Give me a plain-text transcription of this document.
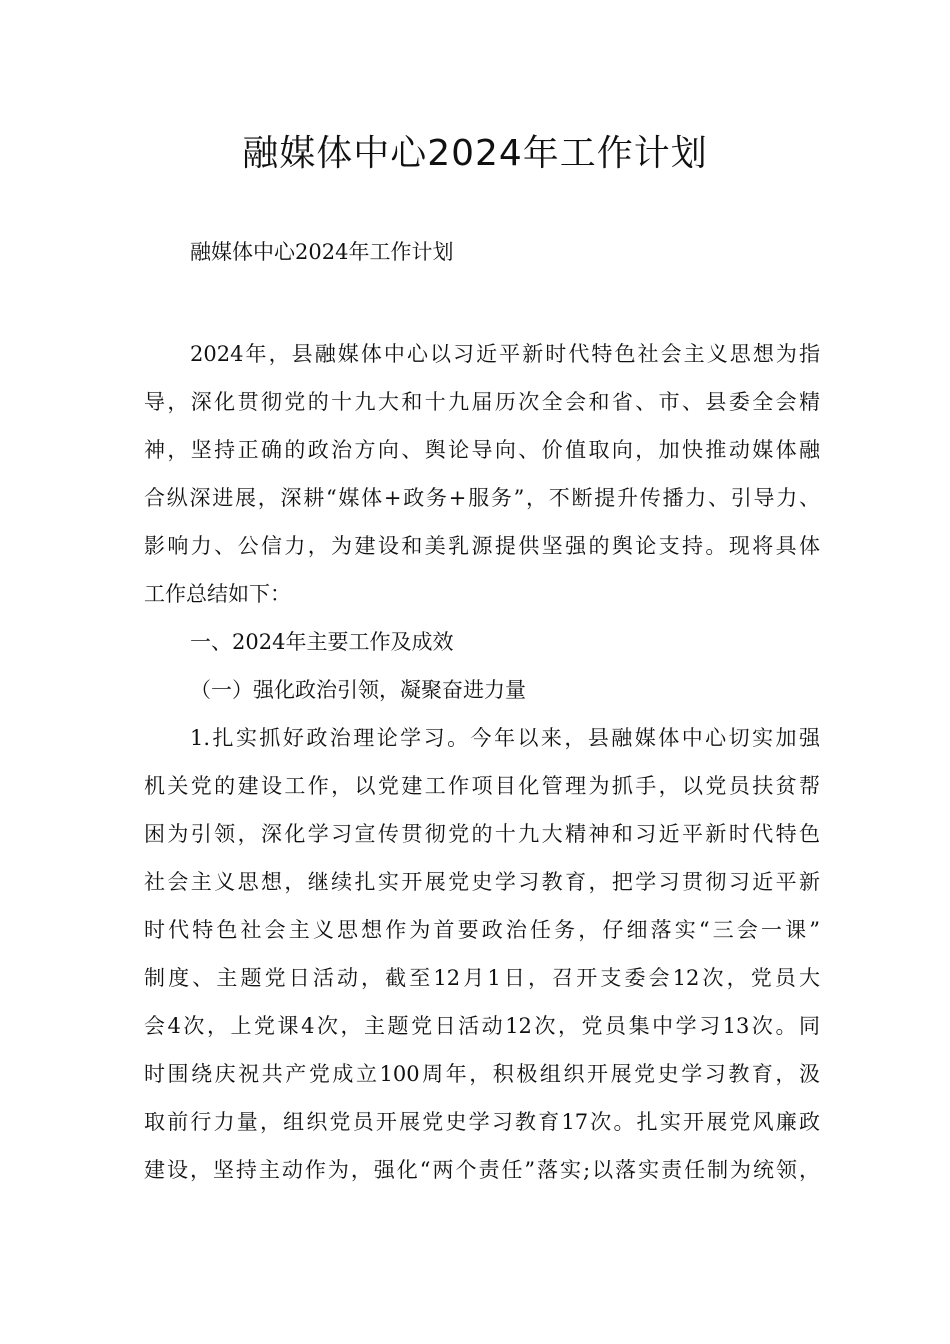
融媒体中心2024年工作计划

融媒体中心2024年工作计划

2024年，县融媒体中心以习近平新时代特色社会主义思想为指
导，深化贯彻党的十九大和十九届历次全会和省、市、县委全会精
神，坚持正确的政治方向、舆论导向、价值取向，加快推动媒体融
合纵深进展，深耕“媒体+政务+服务”，不断提升传播力、引导力、
影响力、公信力，为建设和美乳源提供坚强的舆论支持。现将具体
工作总结如下：
一、2024年主要工作及成效
（一）强化政治引领，凝聚奋进力量
1.扎实抓好政治理论学习。今年以来，县融媒体中心切实加强
机关党的建设工作，以党建工作项目化管理为抓手，以党员扶贫帮
困为引领，深化学习宣传贯彻党的十九大精神和习近平新时代特色
社会主义思想，继续扎实开展党史学习教育，把学习贯彻习近平新
时代特色社会主义思想作为首要政治任务，仔细落实“三会一课”
制度、主题党日活动，截至12月1日，召开支委会12次，党员大
会4次，上党课4次，主题党日活动12次，党员集中学习13次。同
时围绕庆祝共产党成立100周年，积极组织开展党史学习教育，汲
取前行力量，组织党员开展党史学习教育17次。扎实开展党风廉政
建设，坚持主动作为，强化“两个责任”落实;以落实责任制为统领，
